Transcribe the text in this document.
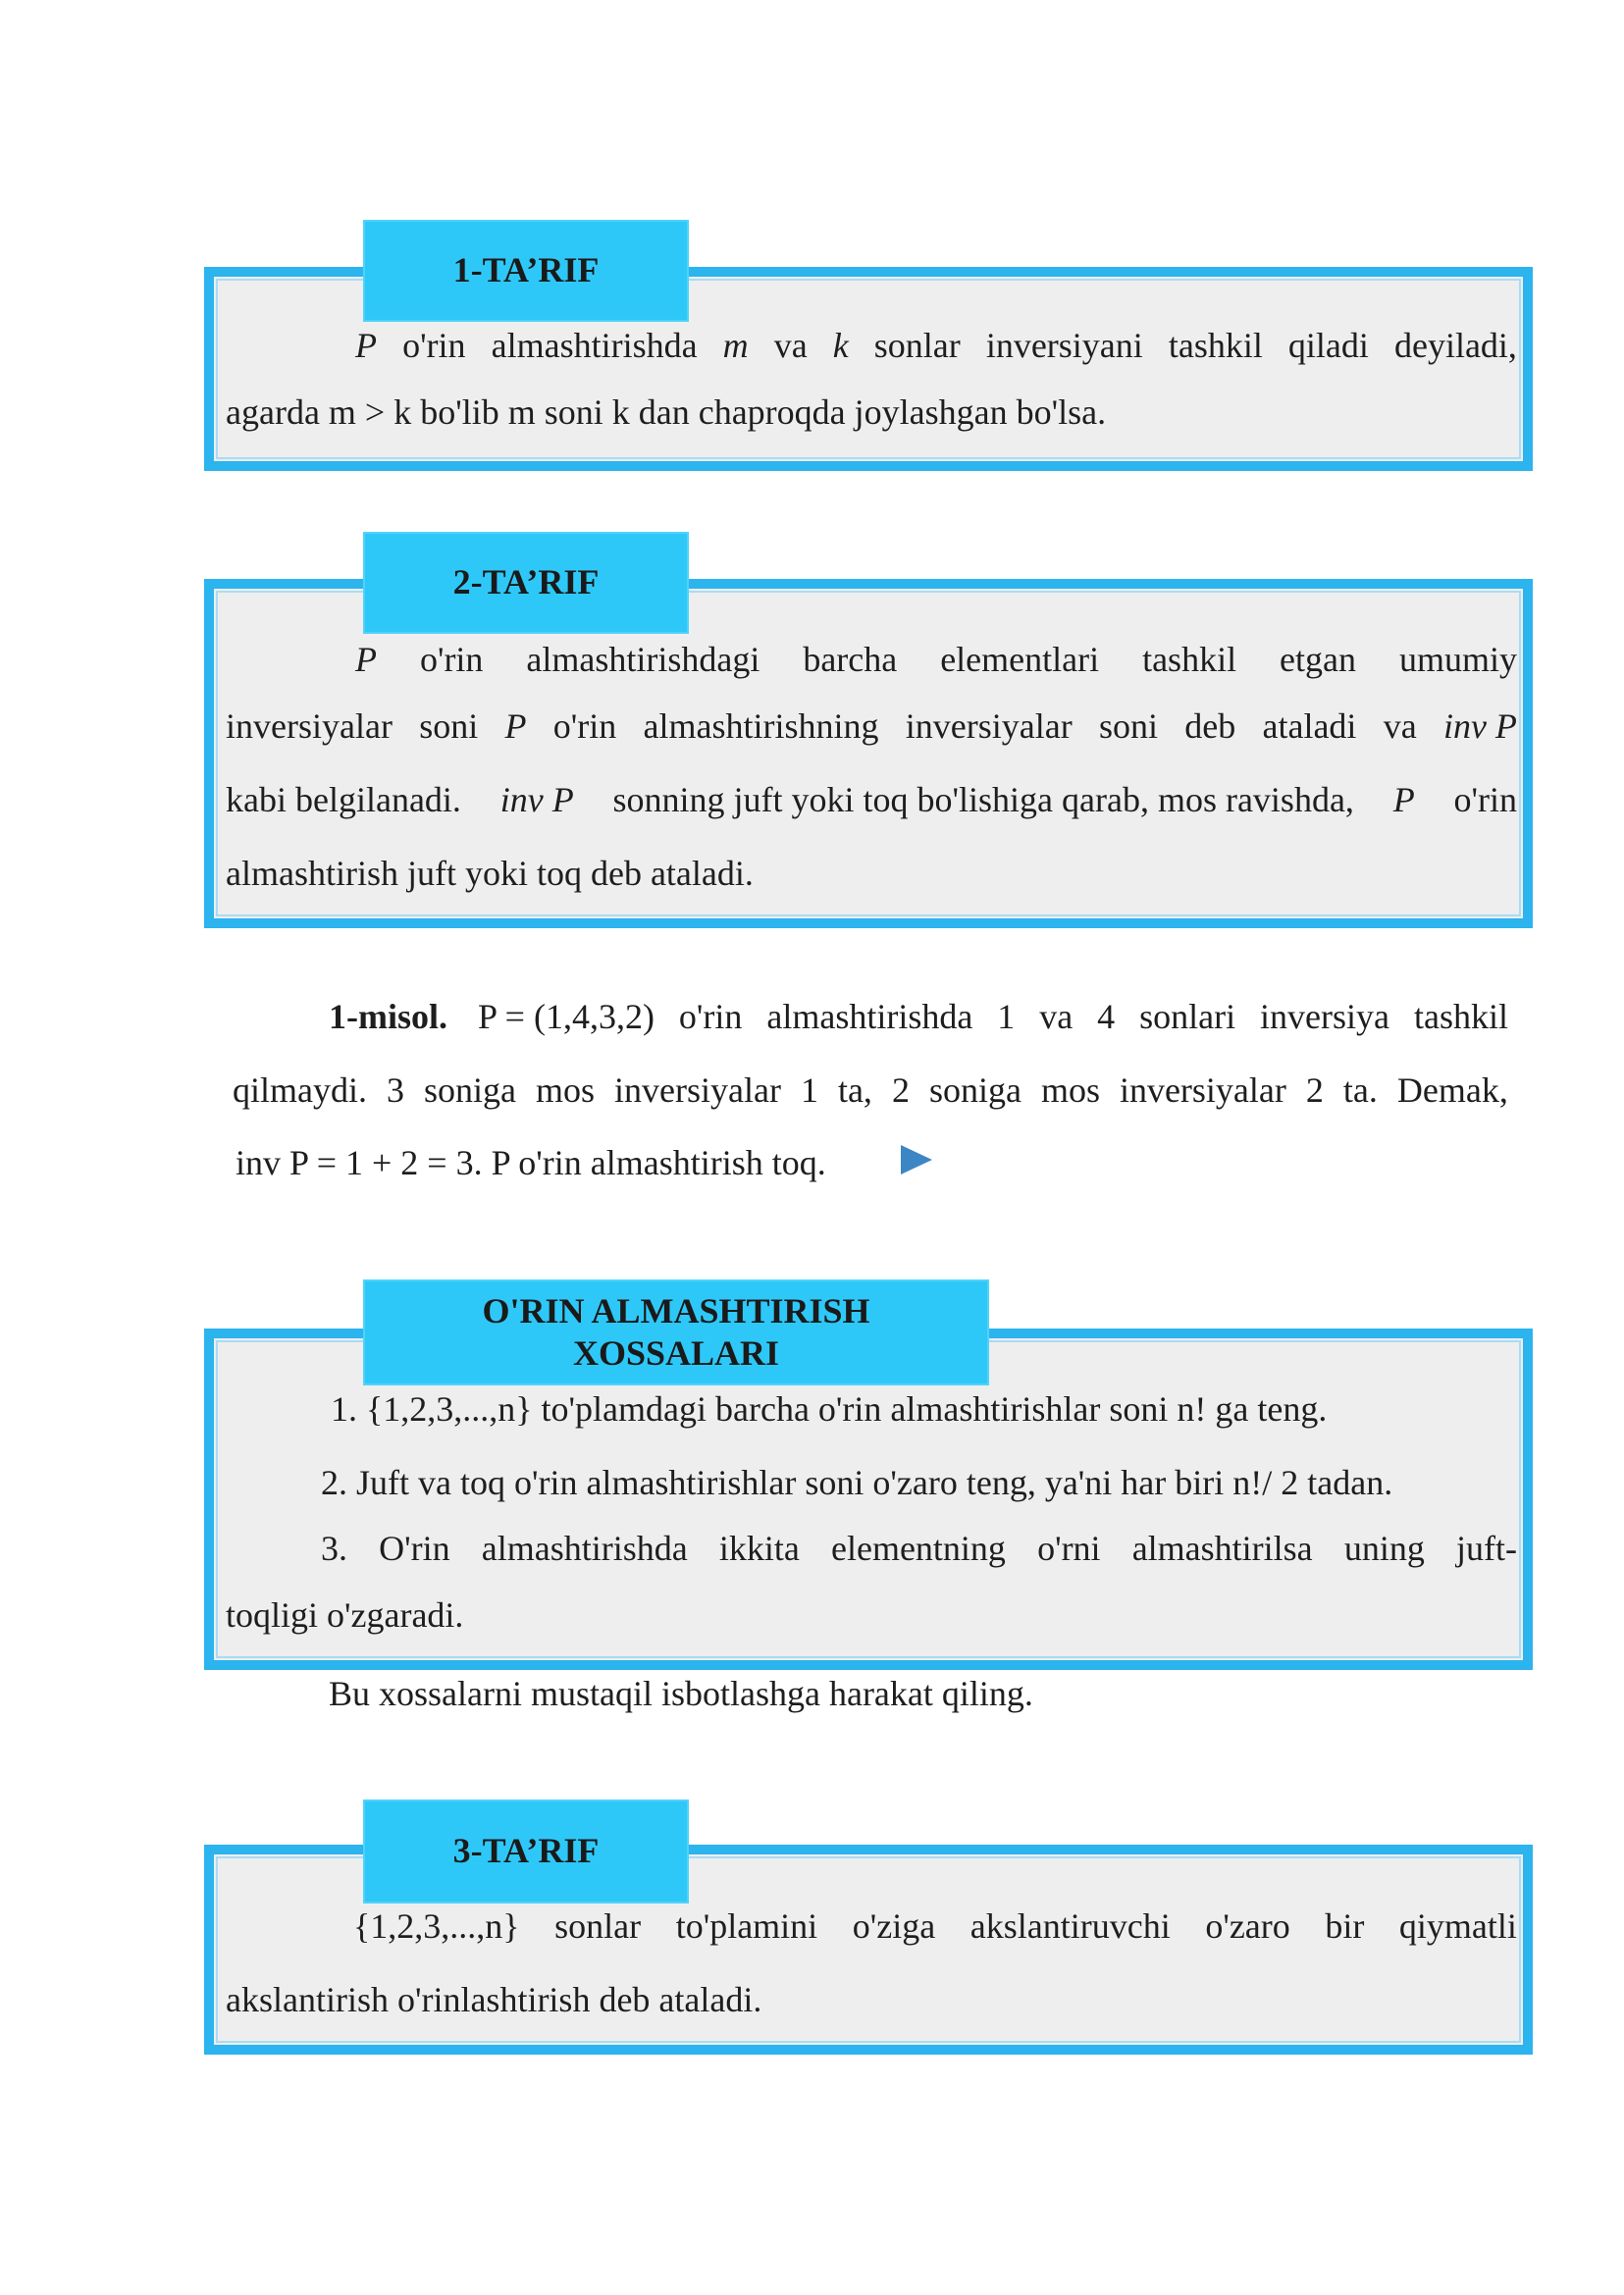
1-TA’RIF
P o'rin almashtirishda m va k sonlar inversiyani tashkil qiladi deyiladi,
agarda m > k bo'lib m soni k dan chaproqda joylashgan bo'lsa.
2-TA’RIF
P o'rin almashtirishdagi barcha elementlari tashkil etgan umumiy
inversiyalar soni P o'rin almashtirishning inversiyalar soni deb ataladi va inv P
kabi belgilanadi. inv P sonning juft yoki toq bo'lishiga qarab, mos ravishda, P o'rin
almashtirish juft yoki toq deb ataladi.
1-misol. P = (1,4,3,2) o'rin almashtirishda 1 va 4 sonlari inversiya tashkil
qilmaydi. 3 soniga mos inversiyalar 1 ta, 2 soniga mos inversiyalar 2 ta. Demak,
inv P = 1 + 2 = 3. P o'rin almashtirish toq.
O'RIN ALMASHTIRISH
XOSSALARI
1. {1,2,3,...,n} to'plamdagi barcha o'rin almashtirishlar soni n! ga teng.
2. Juft va toq o'rin almashtirishlar soni o'zaro teng, ya'ni har biri n!/ 2 tadan.
3. O'rin almashtirishda ikkita elementning o'rni almashtirilsa uning juft-
toqligi o'zgaradi.
Bu xossalarni mustaqil isbotlashga harakat qiling.
3-TA’RIF
{1,2,3,...,n} sonlar to'plamini o'ziga akslantiruvchi o'zaro bir qiymatli
akslantirish o'rinlashtirish deb ataladi.
